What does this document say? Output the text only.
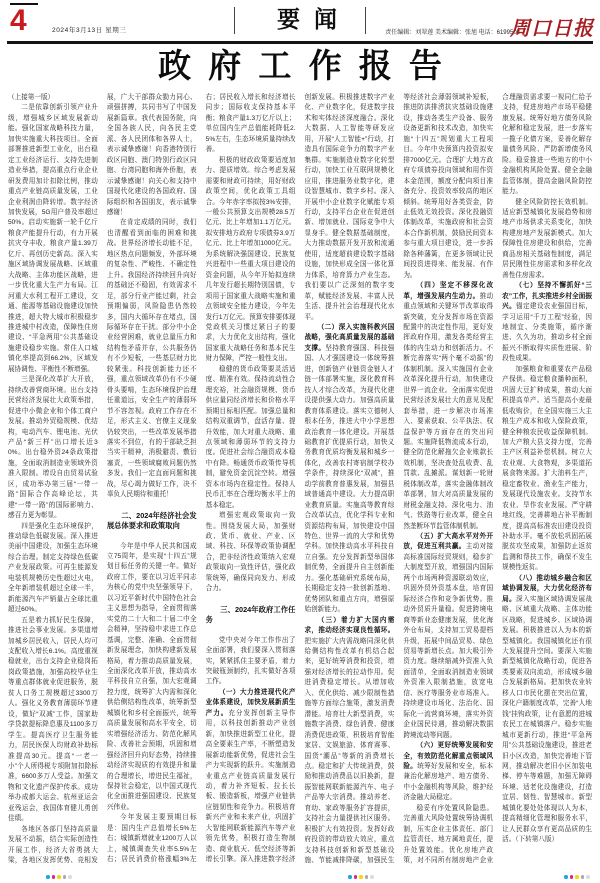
4	2024年3月13日 星期三	要闻	责任编辑：刘翠莲 美术编辑：张旭 电话：6199503
周口日报
政府工作报告

（上接第一版）

二是依靠创新引领产业升级，增强城乡区域发展新动能。强化国家战略科技力量，加快实施重大科技项目。全面部署推进新型工业化，出台稳定工业经济运行、支持先进制造业举措，提高重点行业企业研发费用加计扣除比例，推动重点产业链高质量发展，工业企业利润由降转增。数字经济加快发展，5G用户普及率超过50%。启动实施新一轮千亿斤粮食产能提升行动，有力开展抗灾夺丰收，粮食产量1.39万亿斤、再创历史新高。深入实施区域协调发展战略、区域重大战略、主体功能区战略，进一步优化重大生产力布局。江河重大水利工程开工建设，交通、能源等基础设施建设加快推进，超大特大城市积极稳步推进城中村改造，保障性住房建设、“平急两用”公共基础设施建设稳步实施。常住人口城镇化率提高到66.2%，区域发展协调性、平衡性不断增强。

三是深化改革扩大开放，持续改善营商环境。出台支持民营经济发展壮大政策举措，促进中小微企业和个体工商户发展。推动外贸稳规模、优结构，电动汽车、锂电池、光伏产品“新三样”出口增长近30%。出台稳外资24条政策措施，全面取消制造业领域外资准入限制。增设自由贸易试验区，成功举办第三届“一带一路”国际合作高峰论坛，共建“一带一路”的国际影响力、感召力更为彰显。

四是强化生态环境保护，推动绿色低碳发展。深入推进美丽中国建设，加强生态环境综合治理。制定支持绿色低碳产业发展政策。可再生能源发电装机规模历史性超过火电，全年新增装机超过全球一半，新能源汽车产销量占全球比重超过60%。

五是着力抓好民生保障，推进社会事业发展。多渠道增加城乡居民收入，居民人均可支配收入增长6.1%。高度重视稳就业，出台支持企业稳岗拓岗政策措施，加强高校毕业生等重点群体就业促进服务，脱贫人口务工规模超过3300万人。强化义务教育薄弱环节建设，做好“双减”工作，国家助学贷款提标降息惠及1100多万学生。提高医疗卫生服务能力，居民医保人均财政补助标准提高30元。提高“一老一小”个人所得税专项附加扣除标准，6600多万人受益。加强文物和文化遗产保护传承。成功举办成都大运会、杭州亚运会亚残运会，我国体育健儿勇创佳绩。

各地区各部门坚持高质量发展不动摇，结合实际创造性开展工作，经济大省勇挑大梁，各地区发挥优势、竞相发展，广大干部群众勠力同心、顽强拼搏，共同书写了中国发展新篇章。我代表国务院，向全国各族人民，向各民主党派、各人民团体和各界人士，表示诚挚感谢！向香港特别行政区同胞、澳门特别行政区同胞、台湾同胞和海外侨胞，表示诚挚感谢！向关心和支持中国现代化建设的各国政府、国际组织和各国朋友，表示诚挚感谢！

在肯定成绩的同时，我们也清醒看到面临的困难和挑战。世界经济增长动能不足，地区热点问题频发，外部环境的复杂性、严峻性、不确定性上升。我国经济持续回升向好的基础还不稳固，有效需求不足，部分行业产能过剩，社会预期偏弱，风险隐患仍然较多，国内大循环存在堵点，国际循环存在干扰。部分中小企业经营困难，就业总量压力和结构性矛盾并存，公共服务仍有不少短板，一些基层财力比较紧张。科技创新能力还不强，重点领域改革仍有不少硬骨头要啃，生态环境保护治理任重道远，安全生产的薄弱环节不容忽视。政府工作存在不足，形式主义、官僚主义现象仍较突出，一些改革发展举措落实不到位，有的干部缺乏担当实干精神，消极避责、敷衍塞责，一些领域腐败问题仍然多发。我们一定直面问题和挑战，尽心竭力做好工作，决不辜负人民期待和重托！

二、2024年经济社会发展总体要求和政策取向

今年是中华人民共和国成立75周年，是实现“十四五”规划目标任务的关键一年。做好政府工作，要在以习近平同志为核心的党中央坚强领导下，以习近平新时代中国特色社会主义思想为指导，全面贯彻落实党的二十大和二十届二中全会精神，坚持稳中求进工作总基调，完整、准确、全面贯彻新发展理念，加快构建新发展格局，着力推动高质量发展，全面深化改革开放，推动高水平科技自立自强，加大宏观调控力度，统筹扩大内需和深化供给侧结构性改革，统筹新型城镇化和乡村全面振兴，统筹高质量发展和高水平安全，切实增强经济活力、防范化解风险、改善社会预期，巩固和增强经济回升向好态势，持续推动经济实现质的有效提升和量的合理增长，增进民生福祉，保持社会稳定，以中国式现代化全面推进强国建设、民族复兴伟业。

今年发展主要预期目标是：国内生产总值增长5%左右；城镇新增就业1200万人以上，城镇调查失业率5.5%左右；居民消费价格涨幅3%左右；居民收入增长和经济增长同步；国际收支保持基本平衡；粮食产量1.3万亿斤以上；单位国内生产总值能耗降低2.5%左右，生态环境质量持续改善。

积极的财政政策要适度加力、提质增效。综合考虑发展需要和财政可持续，用好财政政策空间，优化政策工具组合。今年赤字率拟按3%安排，一般公共预算支出规模28.5万亿元、比上年增加1.1万亿元。拟安排地方政府专项债券3.9万亿元、比上年增加1000亿元。为系统解决强国建设、民族复兴进程中一些重大项目建设的资金问题，从今年开始拟连续几年发行超长期特别国债，专项用于国家重大战略实施和重点领域安全能力建设，今年先发行1万亿元。预算安排要体现党政机关习惯过紧日子的要求，大力优化支出结构，强化国家重大战略任务和基本民生财力保障，严控一般性支出。

稳健的货币政策要灵活适度、精准有效。保持流动性合理充裕，社会融资规模、货币供应量同经济增长和价格水平预期目标相匹配。加强总量和结构双重调节，盘活存量、提升效能，加大对重大战略、重点领域和薄弱环节的支持力度。促进社会综合融资成本稳中有降。畅通货币政策传导机制，避免资金沉淀空转。增强资本市场内在稳定性。保持人民币汇率在合理均衡水平上的基本稳定。

增强宏观政策取向一致性。围绕发展大局，加强财政、货币、就业、产业、区域、科技、环保等政策协调配合，把非经济性政策纳入宏观政策取向一致性评估，强化政策统筹，确保同向发力、形成合力。

三、2024年政府工作任务

党中央对今年工作作出了全面部署，我们要深入贯彻落实，紧紧抓住主要矛盾，着力突破瓶颈制约，扎实做好各项工作。

（一）大力推进现代化产业体系建设，加快发展新质生产力。充分发挥创新主导作用，以科技创新推动产业创新，加快推进新型工业化，提高全要素生产率，不断塑造发展新动能新优势，促进社会生产力实现新的跃升。实施制造业重点产业链高质量发展行动，着力补齐短板、拉长长板、锻造新板，增强产业链供应链韧性和竞争力。积极培育新兴产业和未来产业，巩固扩大智能网联新能源汽车等产业领先优势，积极打造生物制造、商业航天、低空经济等新增长引擎。深入推进数字经济创新发展。积极推进数字产业化、产业数字化，促进数字技术和实体经济深度融合。深化大数据、人工智能等研发应用，开展“人工智能+”行动，打造具有国际竞争力的数字产业集群。实施制造业数字化转型行动，加快工业互联网规模化应用，推进服务业数字化，建设智慧城市、数字乡村。深入开展中小企业数字化赋能专项行动，支持平台企业在促进创新、增加就业、国际竞争中大显身手。健全数据基础制度，大力推动数据开发开放和流通使用，适度超前建设数字基础设施，加快形成全国一体化算力体系，培育算力产业生态。我们要以广泛深刻的数字变革，赋能经济发展、丰富人民生活、提升社会治理现代化水平。

（二）深入实施科教兴国战略，强化高质量发展的基础支撑。坚持教育强国、科技强国、人才强国建设一体统筹推进，创新链产业链资金链人才链一体部署实施，深化教育科技人才综合改革，为现代化建设提供强大动力。加强高质量教育体系建设。落实立德树人根本任务，推进大中小学思想政治教育一体化建设。开展基础教育扩优提质行动，加快义务教育优质均衡发展和城乡一体化，改善农村寄宿制学校办学条件，持续深化“双减”，推动学前教育普惠发展，加强县域普通高中建设。大力提高职业教育质量。实施高等教育综合改革试点，优化学科专业和资源结构布局，加快建设中国特色、世界一流的大学和优势学科。加快推动高水平科技自立自强。充分发挥新型举国体制优势，全面提升自主创新能力。强化基础研究系统布局，长期稳定支持一批创新基地、优势团队和重点方向，增强原始创新能力。

（三）着力扩大国内需求，推动经济实现良性循环。把实施扩大内需战略同深化供给侧结构性改革有机结合起来，更好统筹消费和投资，增强对经济增长的拉动作用。促进消费稳定增长。从增加收入、优化供给、减少限制性措施等方面综合施策，激发消费潜能。培育壮大新型消费，实施数字消费、绿色消费、健康消费促进政策，积极培育智能家居、文娱旅游、体育赛事、国货“潮品”等新的消费增长点。稳定和扩大传统消费，鼓励和推动消费品以旧换新，提振智能网联新能源汽车、电子产品等大宗消费。推动养老、育幼、家政等服务扩容提质，支持社会力量提供社区服务。积极扩大有效投资。发挥好政府投资的带动放大效应，重点支持科技创新和新型基础设施、节能减排降碳，加强民生等经济社会薄弱领域补短板，推进防洪排涝抗灾基础设施建设，推动各类生产设备、服务设备更新和技术改造，加快实施“十四五”规划重大工程项目。今年中央预算内投资拟安排7000亿元。合理扩大地方政府专项债券投向领域和用作资本金范围，额度分配向项目准备充分、投资效率较高的地区倾斜。统筹用好各类资金，防止低效无效投资。深化投融资体制改革，实施政府和社会资本合作新机制，鼓励民间资本参与重大项目建设，进一步拆除各种藩篱，在更多领域让民间投资进得来、能发展、有作为。

（四）坚定不移深化改革，增强发展内生动力。推动重点领域和关键环节改革取得新突破，充分发挥市场在资源配置中的决定性作用，更好发挥政府作用，激发各类经营主体的内生动力和创新活力。不断完善落实“两个毫不动摇”的体制机制。深入实施国有企业改革深化提升行动，加快建设世界一流企业。全面落实促进民营经济发展壮大的意见及配套举措，进一步解决市场准入、要素获取、公平执法、权益保护等方面存在的突出问题。实施降低物流成本行动，健全防范化解拖欠企业账款长效机制，坚决查处乱收费、乱罚款、乱摊派。谋划新一轮财税体制改革，落实金融体制改革部署，加大对高质量发展的财税金融支持。深化电力、油气、铁路等行业改革，健全自然垄断环节监管体制机制。

（五）扩大高水平对外开放，促进互利共赢。主动对接高标准国际经贸规则，稳步扩大制度型开放，增强国内国际两个市场两种资源联动效应，巩固外贸外资基本盘，培育国际经济合作和竞争新优势。推动外贸质升量稳。促进跨境电商等新业态健康发展，优化海外仓布局，支持加工贸易提档升级，拓展中间品贸易、绿色贸易等新增长点。加大吸引外资力度。继续缩减外资准入负面清单，全面取消制造业领域外资准入限制措施，放宽电信、医疗等服务业市场准入。持续建设市场化、法治化、国际化一流营商环境，落实外资企业国民待遇，推动解决数据跨境流动等问题。

（六）更好统筹发展和安全，有效防范化解重点领域风险。统筹好发展和安全，标本兼治化解房地产、地方债务、中小金融机构等风险，维护经济金融大局稳定。

稳妥有序处置风险隐患。完善重大风险处置统筹协调机制，压实企业主体责任、部门监管责任、地方属地责任，提升处置效能。优化房地产政策，对不同所有制房地产企业合理融资需求要一视同仁给予支持，促进房地产市场平稳健康发展。统筹好地方债务风险化解和稳定发展，进一步落实一揽子化债方案，妥善化解存量债务风险、严防新增债务风险。稳妥推进一些地方的中小金融机构风险处置。健全金融监管体制，提高金融风险防控能力。

健全风险防控长效机制。适应新型城镇化发展趋势和房地产市场供求关系变化，加快构建房地产发展新模式。加大保障性住房建设和供给，完善商品房相关基础性制度，满足居民刚性住房需求和多样化改善性住房需求。

（七）坚持不懈抓好“三农”工作，扎实推进乡村全面振兴。锚定建设农业强国目标，学习运用“千万工程”经验，因地制宜、分类施策，循序渐进、久久为功，推动乡村全面振兴不断取得实质性进展、阶段性成果。

加强粮食和重要农产品稳产保供。稳定粮食播种面积，巩固大豆扩种成果，推动大面积提高单产。适当提高小麦最低收购价，在全国实施三大主粮生产成本和收入保险政策，健全种粮农民收益保障机制。加大产粮大县支持力度，完善主产区利益补偿机制。树立大农业观、大食物观，多渠道拓展食物来源。扩大油料生产，稳定畜牧业、渔业生产能力，发展现代设施农业。支持节水农业、旱作农业发展。严守耕地红线，完善耕地占补平衡制度，提高高标准农田建设投资补助水平。毫不放松巩固拓展脱贫攻坚成果，加强防止返贫监测和帮扶工作，确保不发生规模性返贫。

（八）推动城乡融合和区域协调发展，大力优化经济布局。深入实施区域协调发展战略、区域重大战略、主体功能区战略，促进城乡、区域协调发展。积极推进以人为本的新型城镇化。我国城镇化还有很大发展提升空间。要深入实施新型城镇化战略行动，促进各类要素双向流动，形成城乡融合发展新格局。把加快农业转移人口市民化摆在突出位置，深化户籍制度改革，完善“人地钱”挂钩政策，让有意愿的进城农民工在城镇落户。稳步实施城市更新行动，推进“平急两用”公共基础设施建设，推进老旧小区改造，加快完善地下管网，推动解决老旧小区加装电梯、停车等难题，加强无障碍环境、适老化设施建设，打造宜居、韧性、智慧城市。新型城镇化要处处体现以人为本，提高精细化管理和服务水平，让人民群众享有更高品质的生活。（下转第八版）
